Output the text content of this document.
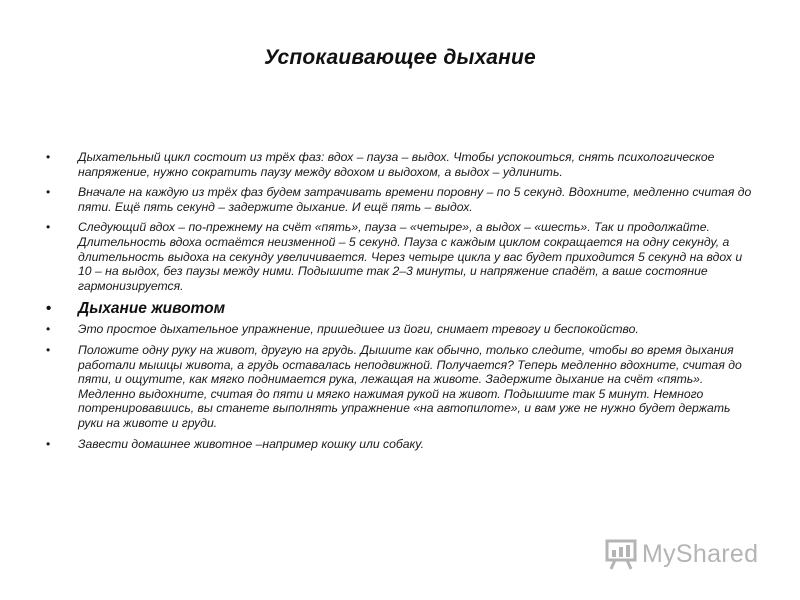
Успокаивающее дыхание
• Дыхательный цикл состоит из трёх фаз: вдох – пауза – выдох. Чтобы успокоиться, снять психологическое напряжение, нужно сократить паузу между вдохом и выдохом, а выдох – удлинить.
• Вначале на каждую из трёх фаз будем затрачивать времени поровну – по 5 секунд. Вдохните, медленно считая до пяти. Ещё пять секунд – задержите дыхание. И ещё пять – выдох.
• Следующий вдох – по-прежнему на счёт «пять», пауза – «четыре», а выдох – «шесть». Так и продолжайте. Длительность вдоха остаётся неизменной – 5 секунд. Пауза с каждым циклом сокращается на одну секунду, а длительность выдоха на секунду увеличивается. Через четыре цикла у вас будет приходится 5 секунд на вдох и 10 – на выдох, без паузы между ними. Подышите так 2–3 минуты, и напряжение спадёт, а ваше состояние гармонизируется.
• Дыхание животом
• Это простое дыхательное упражнение, пришедшее из йоги, снимает тревогу и беспокойство.
• Положите одну руку на живот, другую на грудь. Дышите как обычно, только следите, чтобы во время дыхания работали мышцы живота, а грудь оставалась неподвижной. Получается? Теперь медленно вдохните, считая до пяти, и ощутите, как мягко поднимается рука, лежащая на животе. Задержите дыхание на счёт «пять». Медленно выдохните, считая до пяти и мягко нажимая рукой на живот. Подышите так 5 минут. Немного потренировавшись, вы станете выполнять упражнение «на автопилоте», и вам уже не нужно будет держать руки на животе и груди.
• Завести домашнее животное –например кошку или собаку.
MyShared
